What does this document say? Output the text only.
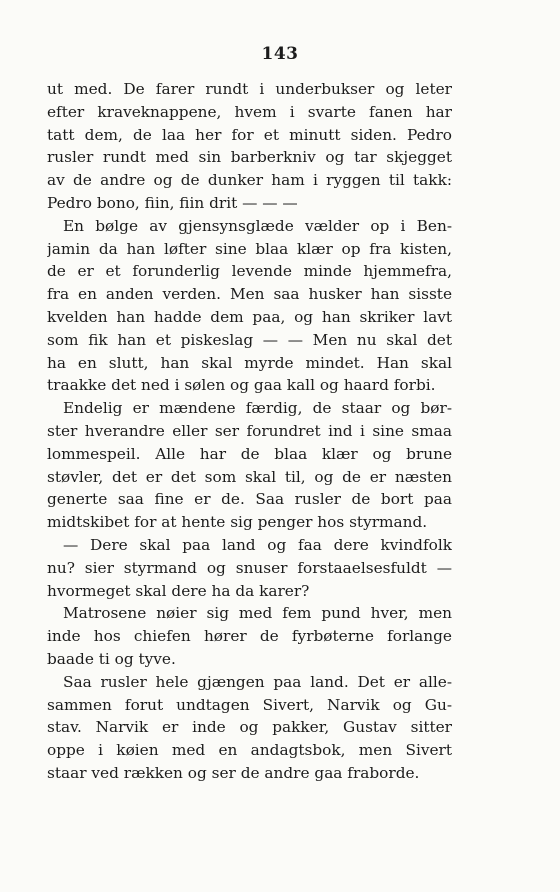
143
ut med. De farer rundt i underbukser og leter
efter kraveknappene, hvem i svarte fanen har
tatt dem, de laa her for et minutt siden. Pedro
rusler rundt med sin barberkniv og tar skjegget
av de andre og de dunker ham i ryggen til takk:
Pedro bono, fiin, fiin drit — — —
En bølge av gjensynsglæde vælder op i Ben-
jamin da han løfter sine blaa klær op fra kisten,
de er et forunderlig levende minde hjemmefra,
fra en anden verden. Men saa husker han sisste
kvelden han hadde dem paa, og han skriker lavt
som fik han et piskeslag — — Men nu skal det
ha en slutt, han skal myrde mindet. Han skal
traakke det ned i sølen og gaa kall og haard forbi.
Endelig er mændene færdig, de staar og bør-
ster hverandre eller ser forundret ind i sine smaa
lommespeil. Alle har de blaa klær og brune
støvler, det er det som skal til, og de er næsten
generte saa fine er de. Saa rusler de bort paa
midtskibet for at hente sig penger hos styrmand.
— Dere skal paa land og faa dere kvindfolk
nu? sier styrmand og snuser forstaaelsesfuldt —
hvormeget skal dere ha da karer?
Matrosene nøier sig med fem pund hver, men
inde hos chiefen hører de fyrbøterne forlange
baade ti og tyve.
Saa rusler hele gjængen paa land. Det er alle-
sammen forut undtagen Sivert, Narvik og Gu-
stav. Narvik er inde og pakker, Gustav sitter
oppe i køien med en andagtsbok, men Sivert
staar ved rækken og ser de andre gaa fraborde.
